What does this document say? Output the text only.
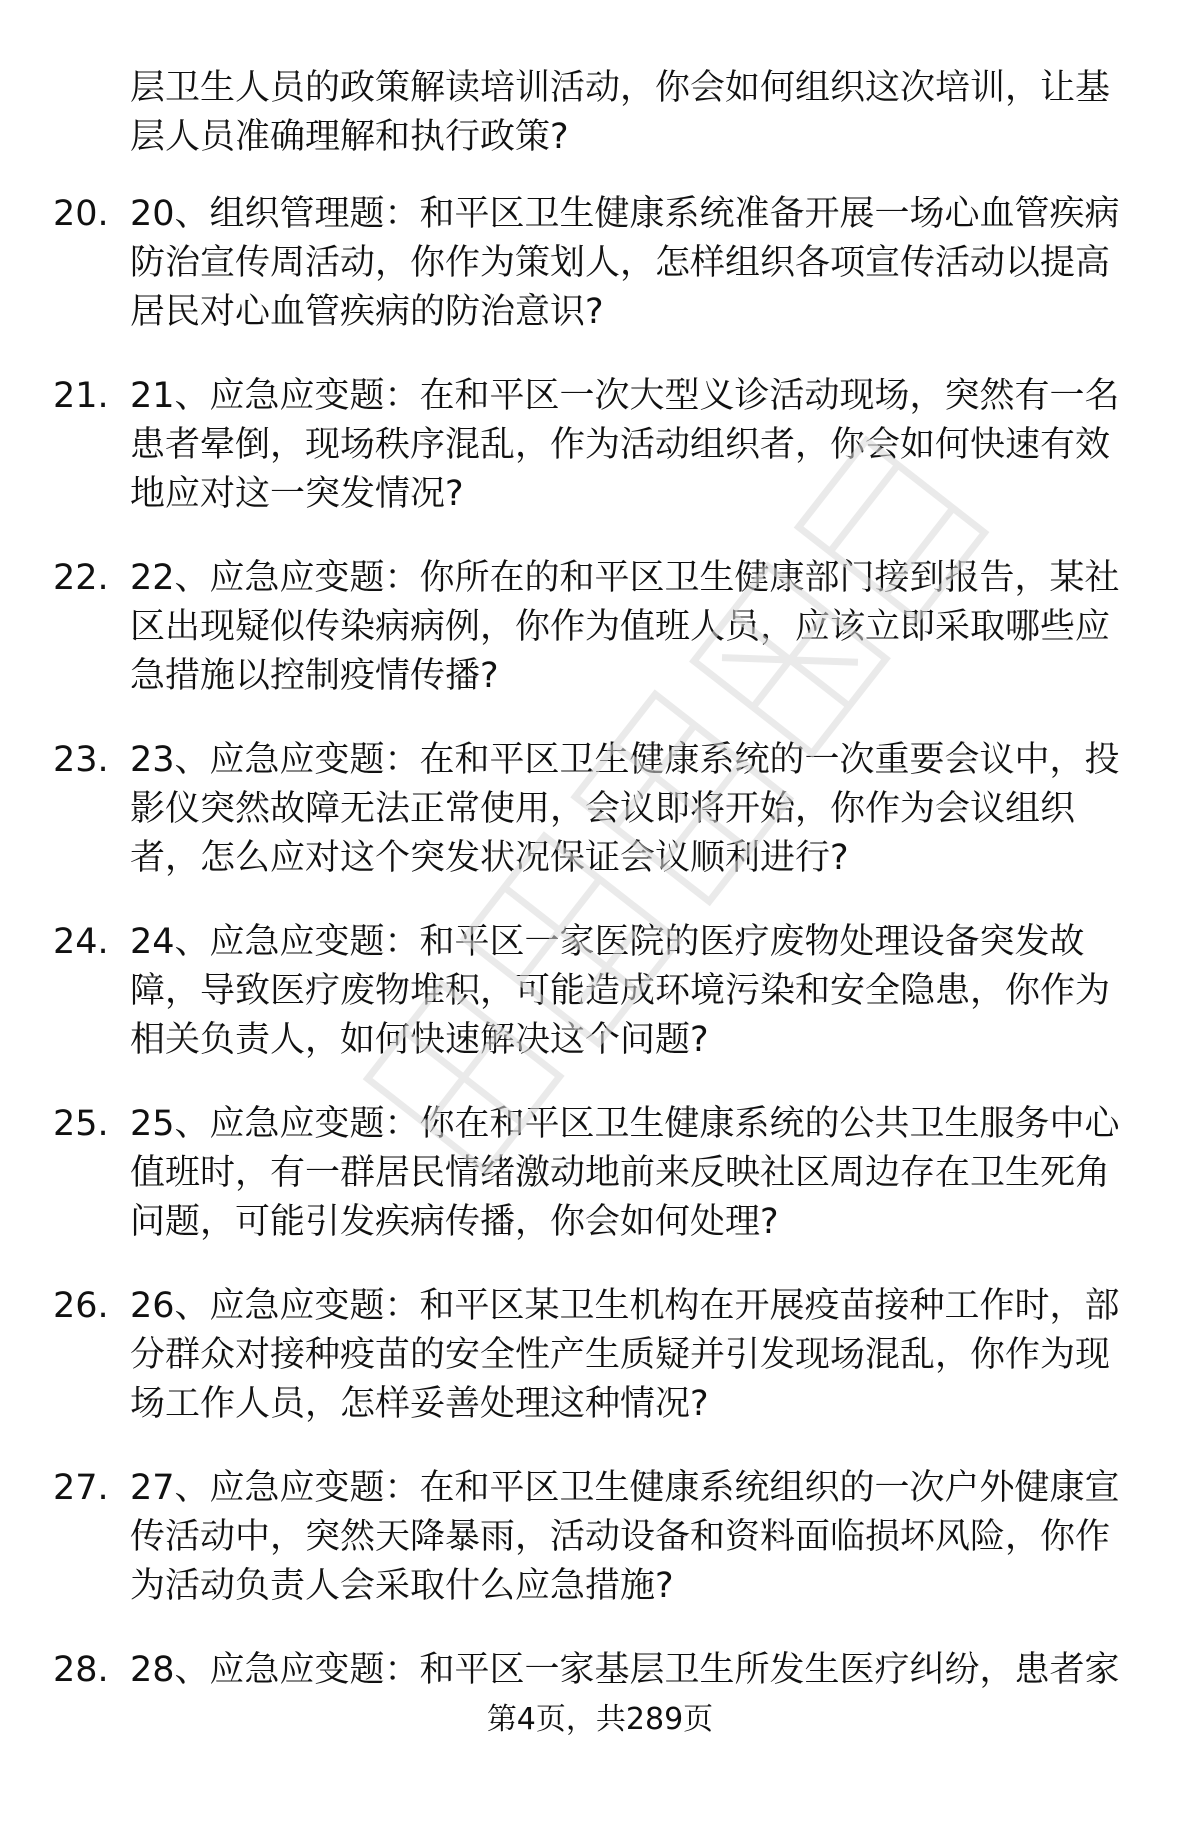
层卫生人员的政策解读培训活动，你会如何组织这次培训，让基层人员准确理解和执行政策?
20. 20、组织管理题：和平区卫生健康系统准备开展一场心血管疾病防治宣传周活动，你作为策划人，怎样组织各项宣传活动以提高居民对心血管疾病的防治意识?
21. 21、应急应变题：在和平区一次大型义诊活动现场，突然有一名患者晕倒，现场秩序混乱，作为活动组织者，你会如何快速有效地应对这一突发情况?
22. 22、应急应变题：你所在的和平区卫生健康部门接到报告，某社区出现疑似传染病病例，你作为值班人员，应该立即采取哪些应急措施以控制疫情传播?
23. 23、应急应变题：在和平区卫生健康系统的一次重要会议中，投影仪突然故障无法正常使用，会议即将开始，你作为会议组织者，怎么应对这个突发状况保证会议顺利进行?
24. 24、应急应变题：和平区一家医院的医疗废物处理设备突发故障，导致医疗废物堆积，可能造成环境污染和安全隐患，你作为相关负责人，如何快速解决这个问题?
25. 25、应急应变题：你在和平区卫生健康系统的公共卫生服务中心值班时，有一群居民情绪激动地前来反映社区周边存在卫生死角问题，可能引发疾病传播，你会如何处理?
26. 26、应急应变题：和平区某卫生机构在开展疫苗接种工作时，部分群众对接种疫苗的安全性产生质疑并引发现场混乱，你作为现场工作人员，怎样妥善处理这种情况?
27. 27、应急应变题：在和平区卫生健康系统组织的一次户外健康宣传活动中，突然天降暴雨，活动设备和资料面临损坏风险，你作为活动负责人会采取什么应急措施?
28. 28、应急应变题：和平区一家基层卫生所发生医疗纠纷，患者家
第4页，共289页
